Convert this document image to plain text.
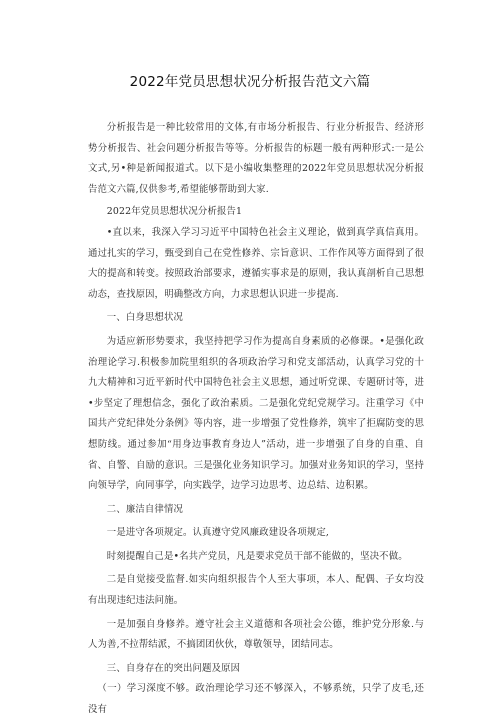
2022年党员思想状况分析报告范文六篇

分析报告是一种比较常用的文体,有市场分析报告、行业分析报告、经济形势分析报告、社会问题分析报告等等。分析报告的标题一般有两种形式:一是公文式,另•种是新闻报道式。以下是小编收集整理的2022年党员思想状况分析报告范文六篇,仅供参考,希望能够帮助到大家.

2022年党员思想状况分析报告1

•直以来，我深入学习习近平中国特色社会主义理论，做到真学真信真用。通过扎实的学习，甄受到自己在党性修养、宗旨意识、工作作风等方面得到了很大的提高和转变。按照政治部要求，遵循实事求是的原则，我认真剖析自己思想动态，查找原因，明确整改方向，力求思想认识进一步提高.

一、白身思想状况

为适应新形势要求，我坚持把学习作为提高自身素质的必修课。•是强化政治理论学习.积极参加院里组织的各项政治学习和党支部活动，认真学习党的十九大精神和习近平新时代中国特色社会主义思想，通过听党课、专题研讨等，进•步坚定了理想信念，强化了政治素质。二是强化党纪党规学习。注重学习《中国共产党纪律处分条例》等内容，进一步增强了党性修养，筑牢了拒腐防变的思想防线。通过参加“用身边事教育身边人”活动，进一步增强了自身的自重、自省、自警、自励的意识。三是强化业务知识学习。加强对业务知识的学习，坚持向领导学，向同事学，向实践学，边学习边思考、边总结、边积累。

二、廉洁自律情况

一是进守各项规定。认真遵守党风廉政建设各项规定,

时刻提醒自己是•名共产党员，凡是要求党员干部不能做的，坚决不做。

二是自觉接受监督.如实向组织报告个人至大事项，本人、配偶、子女均没有出现违纪违法问施。

一是加强自身修养。遵守社会主义道德和各项社会公德，维护党分形象.与人为善,不拉帮结派，不搞团团伙伙，尊敬领导，团结同志。

三、自身存在的突出问题及原因

（一）学习深度不够。政治理论学习还不够深入，不够系统，只学了皮毛,还没有
